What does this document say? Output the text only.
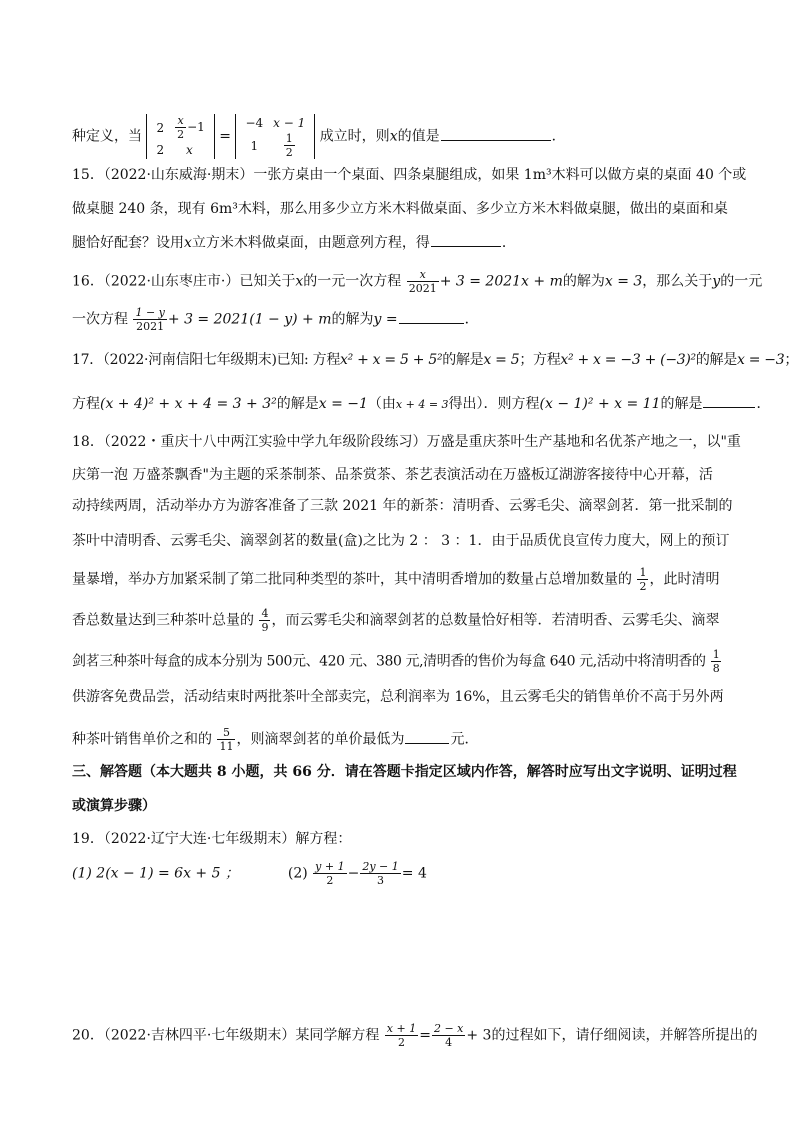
种定义，当
2	$\frac{x}{2} -1$
2	x
=
−4	x − 1
1	$\frac{1}{2}$ 成立时，则x的值是	．
15．（2022·山东威海·期末）一张方桌由一个桌面、四条桌腿组成，如果 1m³木料可以做方桌的桌面 40 个或
做桌腿 240 条，现有 6m³木料，那么用多少立方米木料做桌面、多少立方米木料做桌腿，做出的桌面和桌
腿恰好配套？设用x立方米木料做桌面，由题意列方程，得	．
16．（2022·山东枣庄市·）已知关于x的一元一次方程 $\frac{x}{2021} + 3 = 2021x + m$的解为x = 3，那么关于y的一元
一次方程 $\frac{1 - y}{2021} + 3 = 2021(1 - y) + m$的解为y =	．
17．（2022·河南信阳七年级期末)已知: 方程x² + x = 5 + 5²的解是x = 5；方程x² + x = −3 + (−3)²的解是x = −3；
方程(x + 4)² + x + 4 = 3 + 3²的解是x = −1（由x + 4 = 3得出）．则方程(x − 1)² + x = 11的解是	．
18．（2022・重庆十八中两江实验中学九年级阶段练习）万盛是重庆茶叶生产基地和名优茶产地之一，以"重
庆第一泡 万盛茶飘香"为主题的采茶制茶、品茶赏茶、茶艺表演活动在万盛板辽湖游客接待中心开幕，活
动持续两周，活动举办方为游客准备了三款 2021 年的新茶：清明香、云雾毛尖、滴翠剑茗．第一批采制的
茶叶中清明香、云雾毛尖、滴翠剑茗的数量(盒)之比为 2 ： 3 ：1．由于品质优良宣传力度大，网上的预订
量暴增，举办方加紧采制了第二批同种类型的茶叶，其中清明香增加的数量占总增加数量的 $\frac{1}{2}$ ，此时清明
香总数量达到三种茶叶总量的 $\frac{4}{9}$ ，而云雾毛尖和滴翠剑茗的总数量恰好相等．若清明香、云雾毛尖、滴翠
剑茗三种茶叶每盒的成本分别为 500元、420 元、380 元,清明香的售价为每盒 640 元,活动中将清明香的 $\frac{1}{8}$
供游客免费品尝，活动结束时两批茶叶全部卖完，总利润率为 16%，且云雾毛尖的销售单价不高于另外两
种茶叶销售单价之和的 $\frac{5}{11}$ ，则滴翠剑茗的单价最低为	元．
三、解答题（本大题共 8 小题，共 66 分．请在答题卡指定区域内作答，解答时应写出文字说明、证明过程
或演算步骤）
19．（2022·辽宁大连·七年级期末）解方程：
(1) 2(x − 1) = 6x + 5 ；	$(2) \frac{y + 1}{2} - \frac{2y - 1}{3} = 4$
20．（2022·吉林四平·七年级期末）某同学解方程 $\frac{x + 1}{2} = \frac{2 - x}{4} + 3$的过程如下，请仔细阅读，并解答所提出的
